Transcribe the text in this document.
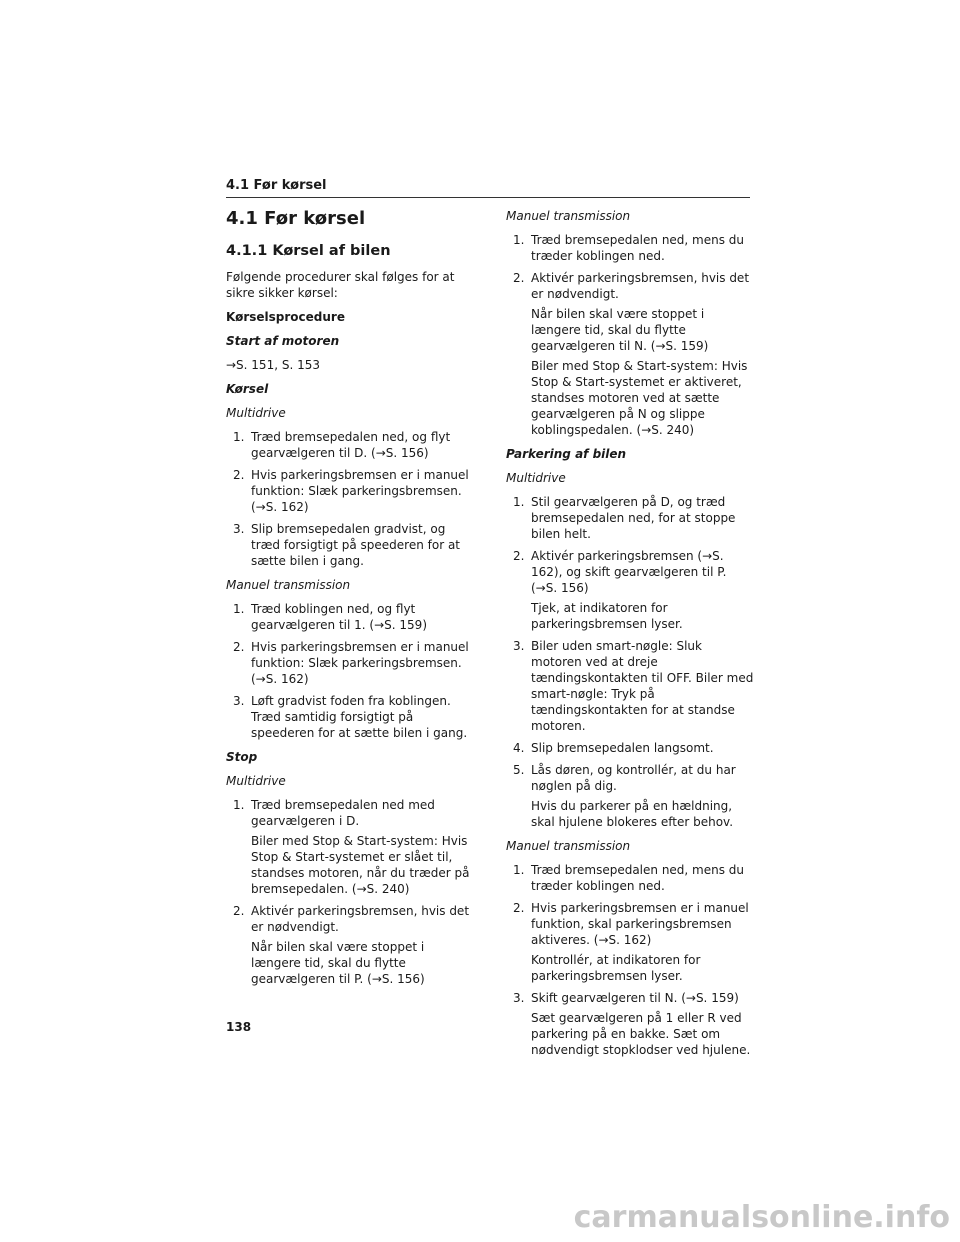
4.1 Før kørsel
4.1 Før kørsel
4.1.1 Kørsel af bilen

Følgende procedurer skal følges for at sikre sikker kørsel:

Kørselsprocedure

Start af motoren

→S. 151, S. 153

Kørsel

Multidrive

1. Træd bremsepedalen ned, og flyt gearvælgeren til D. (→S. 156)
2. Hvis parkeringsbremsen er i manuel funktion: Slæk parkeringsbremsen. (→S. 162)
3. Slip bremsepedalen gradvist, og træd forsigtigt på speederen for at sætte bilen i gang.

Manuel transmission

1. Træd koblingen ned, og flyt gearvælgeren til 1. (→S. 159)
2. Hvis parkeringsbremsen er i manuel funktion: Slæk parkeringsbremsen. (→S. 162)
3. Løft gradvist foden fra koblingen. Træd samtidig forsigtigt på speederen for at sætte bilen i gang.

Stop

Multidrive

1. Træd bremsepedalen ned med gearvælgeren i D.
Biler med Stop & Start-system: Hvis Stop & Start-systemet er slået til, standses motoren, når du træder på bremsepedalen. (→S. 240)
2. Aktivér parkeringsbremsen, hvis det er nødvendigt.
Når bilen skal være stoppet i længere tid, skal du flytte gearvælgeren til P. (→S. 156)

Manuel transmission

1. Træd bremsepedalen ned, mens du træder koblingen ned.
2. Aktivér parkeringsbremsen, hvis det er nødvendigt.
Når bilen skal være stoppet i længere tid, skal du flytte gearvælgeren til N. (→S. 159)
Biler med Stop & Start-system: Hvis Stop & Start-systemet er aktiveret, standses motoren ved at sætte gearvælgeren på N og slippe koblingspedalen. (→S. 240)

Parkering af bilen

Multidrive

1. Stil gearvælgeren på D, og træd bremsepedalen ned, for at stoppe bilen helt.
2. Aktivér parkeringsbremsen (→S. 162), og skift gearvælgeren til P. (→S. 156)
Tjek, at indikatoren for parkeringsbremsen lyser.
3. Biler uden smart-nøgle: Sluk motoren ved at dreje tændingskontakten til OFF. Biler med smart-nøgle: Tryk på tændingskontakten for at standse motoren.
4. Slip bremsepedalen langsomt.
5. Lås døren, og kontrollér, at du har nøglen på dig.
Hvis du parkerer på en hældning, skal hjulene blokeres efter behov.

Manuel transmission

1. Træd bremsepedalen ned, mens du træder koblingen ned.
2. Hvis parkeringsbremsen er i manuel funktion, skal parkeringsbremsen aktiveres. (→S. 162)
Kontrollér, at indikatoren for parkeringsbremsen lyser.
3. Skift gearvælgeren til N. (→S. 159)
Sæt gearvælgeren på 1 eller R ved parkering på en bakke. Sæt om nødvendigt stopklodser ved hjulene.
138
carmanualsonline.info
